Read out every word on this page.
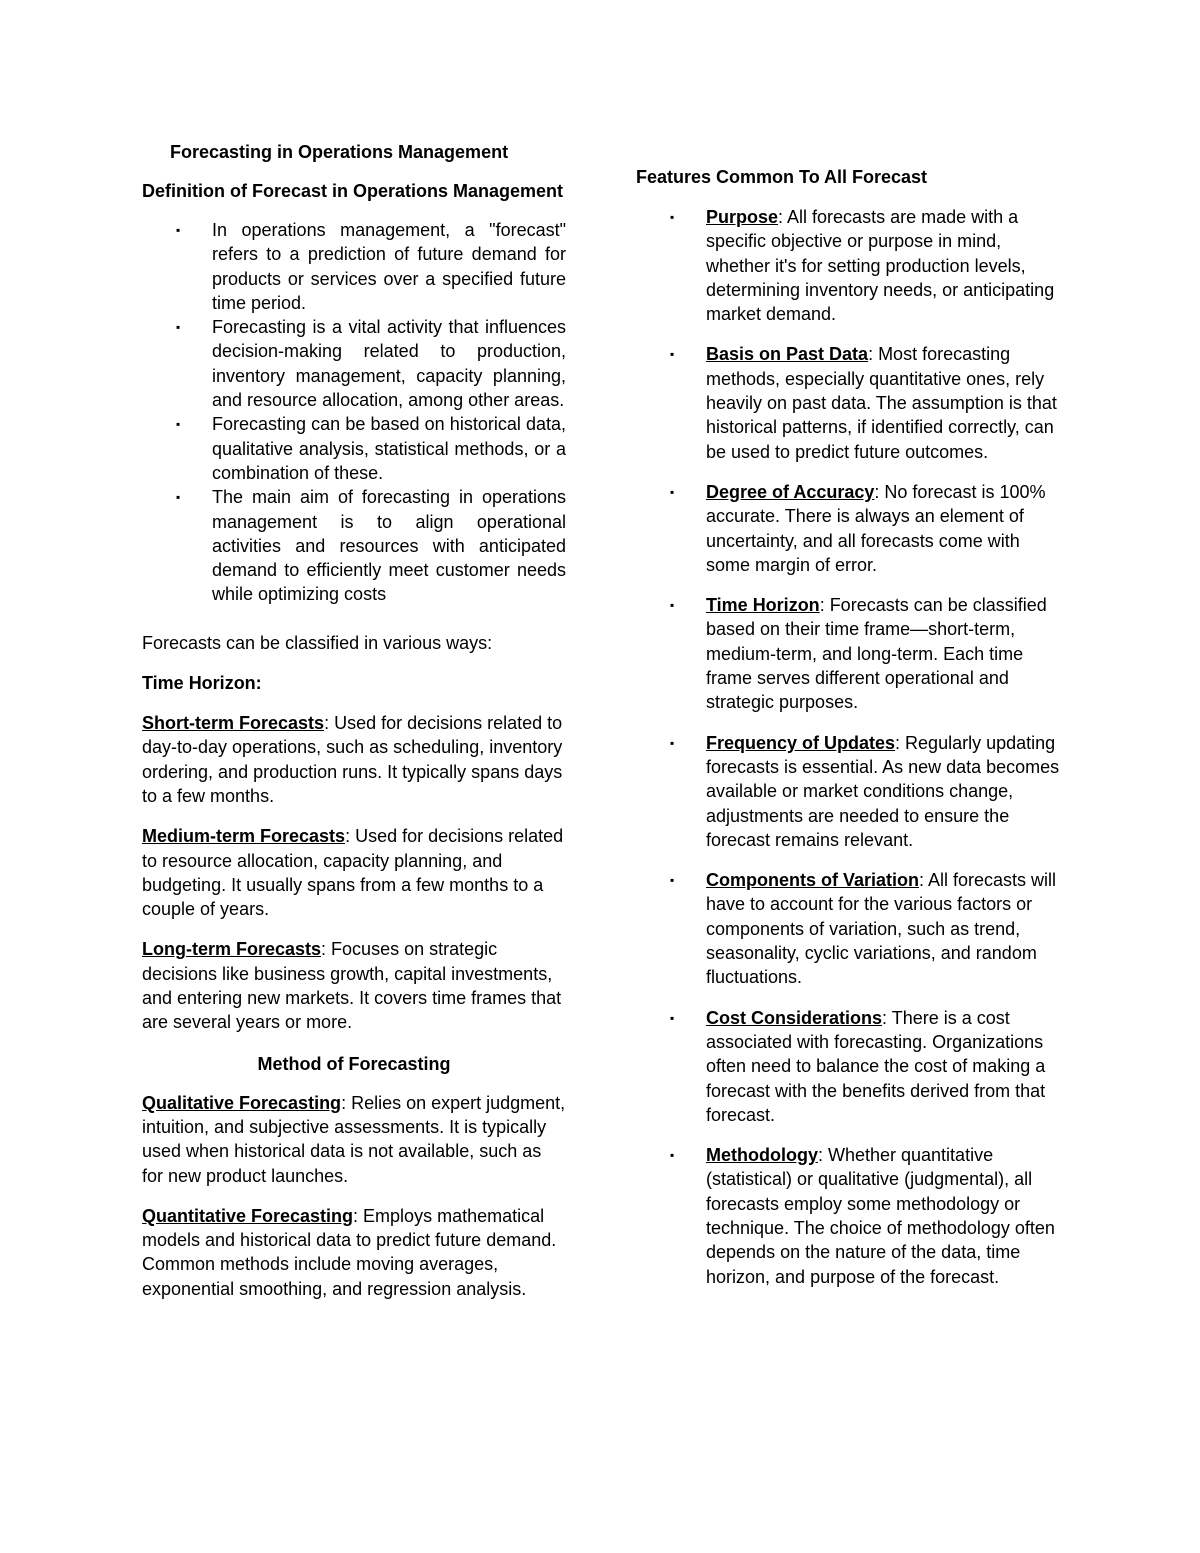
Forecasting in Operations Management
Definition of Forecast in Operations Management
▪ In operations management, a "forecast" refers to a prediction of future demand for products or services over a specified future time period.
▪ Forecasting is a vital activity that influences decision-making related to production, inventory management, capacity planning, and resource allocation, among other areas.
▪ Forecasting can be based on historical data, qualitative analysis, statistical methods, or a combination of these.
▪ The main aim of forecasting in operations management is to align operational activities and resources with anticipated demand to efficiently meet customer needs while optimizing costs

Forecasts can be classified in various ways:

Time Horizon:

Short-term Forecasts: Used for decisions related to day-to-day operations, such as scheduling, inventory ordering, and production runs. It typically spans days to a few months.

Medium-term Forecasts: Used for decisions related to resource allocation, capacity planning, and budgeting. It usually spans from a few months to a couple of years.

Long-term Forecasts: Focuses on strategic decisions like business growth, capital investments, and entering new markets. It covers time frames that are several years or more.

Method of Forecasting

Qualitative Forecasting: Relies on expert judgment, intuition, and subjective assessments. It is typically used when historical data is not available, such as for new product launches.

Quantitative Forecasting: Employs mathematical models and historical data to predict future demand. Common methods include moving averages, exponential smoothing, and regression analysis.

Features Common To All Forecast
▪ Purpose: All forecasts are made with a specific objective or purpose in mind, whether it's for setting production levels, determining inventory needs, or anticipating market demand.
▪ Basis on Past Data: Most forecasting methods, especially quantitative ones, rely heavily on past data. The assumption is that historical patterns, if identified correctly, can be used to predict future outcomes.
▪ Degree of Accuracy: No forecast is 100% accurate. There is always an element of uncertainty, and all forecasts come with some margin of error.
▪ Time Horizon: Forecasts can be classified based on their time frame—short-term, medium-term, and long-term. Each time frame serves different operational and strategic purposes.
▪ Frequency of Updates: Regularly updating forecasts is essential. As new data becomes available or market conditions change, adjustments are needed to ensure the forecast remains relevant.
▪ Components of Variation: All forecasts will have to account for the various factors or components of variation, such as trend, seasonality, cyclic variations, and random fluctuations.
▪ Cost Considerations: There is a cost associated with forecasting. Organizations often need to balance the cost of making a forecast with the benefits derived from that forecast.
▪ Methodology: Whether quantitative (statistical) or qualitative (judgmental), all forecasts employ some methodology or technique. The choice of methodology often depends on the nature of the data, time horizon, and purpose of the forecast.
